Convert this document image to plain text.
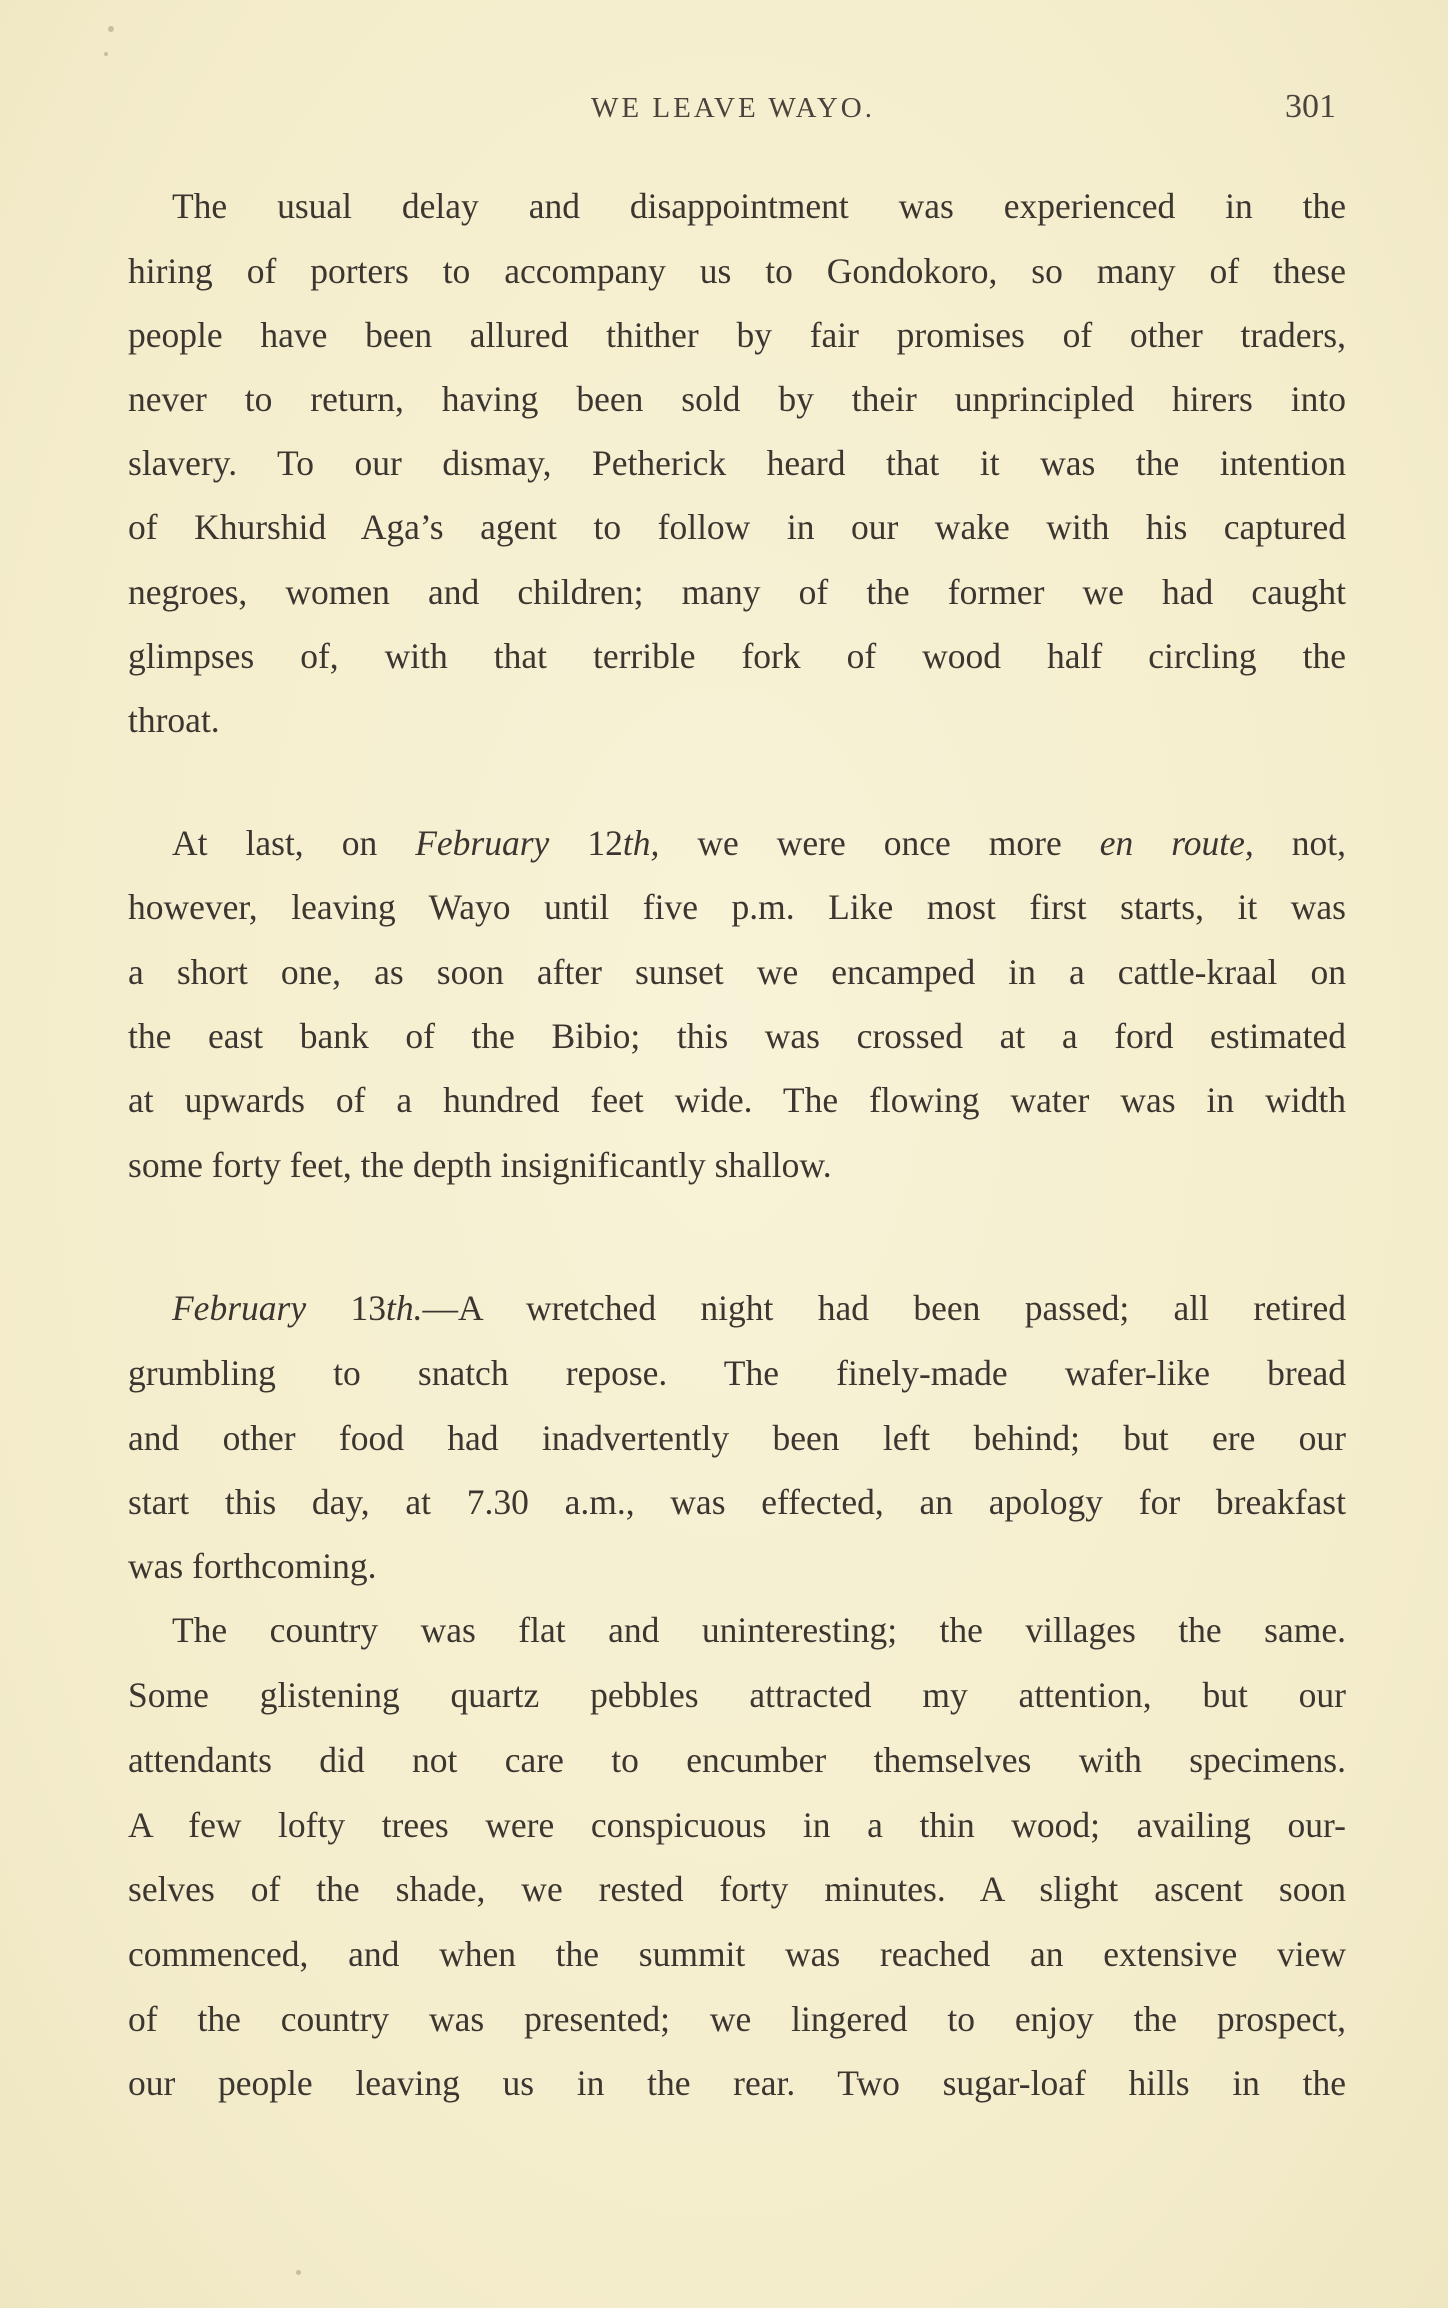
WE LEAVE WAYO.	301
The usual delay and disappointment was experienced in the
hiring of porters to accompany us to Gondokoro, so many of these
people have been allured thither by fair promises of other traders,
never to return, having been sold by their unprincipled hirers into
slavery. To our dismay, Petherick heard that it was the intention
of Khurshid Aga’s agent to follow in our wake with his captured
negroes, women and children; many of the former we had caught
glimpses of, with that terrible fork of wood half circling the
throat.
At last, on February 12th, we were once more en route, not,
however, leaving Wayo until five p.m. Like most first starts, it was
a short one, as soon after sunset we encamped in a cattle-kraal on
the east bank of the Bibio; this was crossed at a ford estimated
at upwards of a hundred feet wide. The flowing water was in width
some forty feet, the depth insignificantly shallow.
February 13th.—A wretched night had been passed; all retired
grumbling to snatch repose. The finely-made wafer-like bread
and other food had inadvertently been left behind; but ere our
start this day, at 7.30 a.m., was effected, an apology for breakfast
was forthcoming.
The country was flat and uninteresting; the villages the same.
Some glistening quartz pebbles attracted my attention, but our
attendants did not care to encumber themselves with specimens.
A few lofty trees were conspicuous in a thin wood; availing our-
selves of the shade, we rested forty minutes. A slight ascent soon
commenced, and when the summit was reached an extensive view
of the country was presented; we lingered to enjoy the prospect,
our people leaving us in the rear. Two sugar-loaf hills in the
